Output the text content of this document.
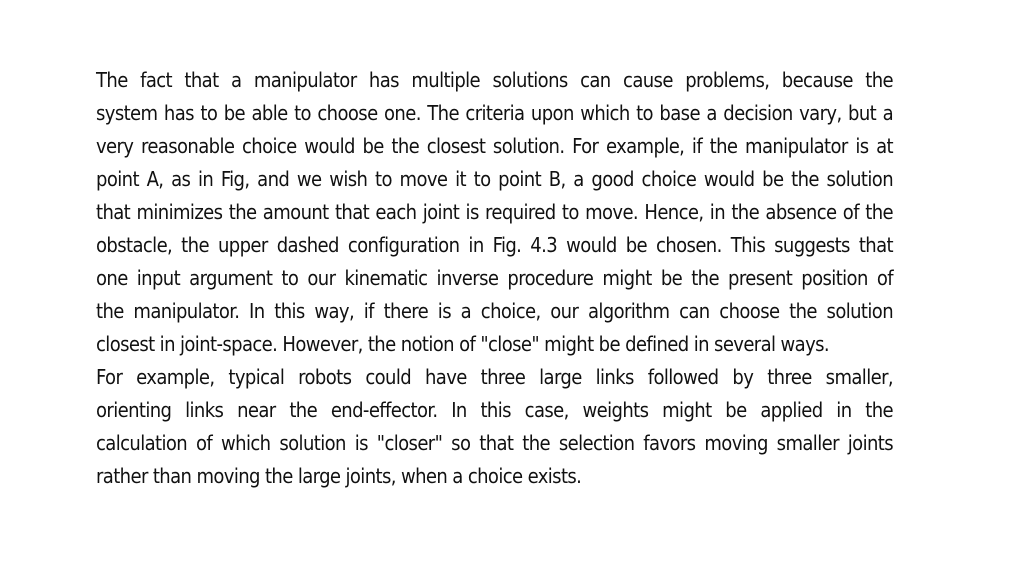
The fact that a manipulator has multiple solutions can cause problems, because the
system has to be able to choose one. The criteria upon which to base a decision vary, but a
very reasonable choice would be the closest solution. For example, if the manipulator is at
point A, as in Fig, and we wish to move it to point B, a good choice would be the solution
that minimizes the amount that each joint is required to move. Hence, in the absence of the
obstacle, the upper dashed configuration in Fig. 4.3 would be chosen. This suggests that
one input argument to our kinematic inverse procedure might be the present position of
the manipulator. In this way, if there is a choice, our algorithm can choose the solution
closest in joint-space. However, the notion of "close" might be defined in several ways.
For example, typical robots could have three large links followed by three smaller,
orienting links near the end-effector. In this case, weights might be applied in the
calculation of which solution is "closer" so that the selection favors moving smaller joints
rather than moving the large joints, when a choice exists.
